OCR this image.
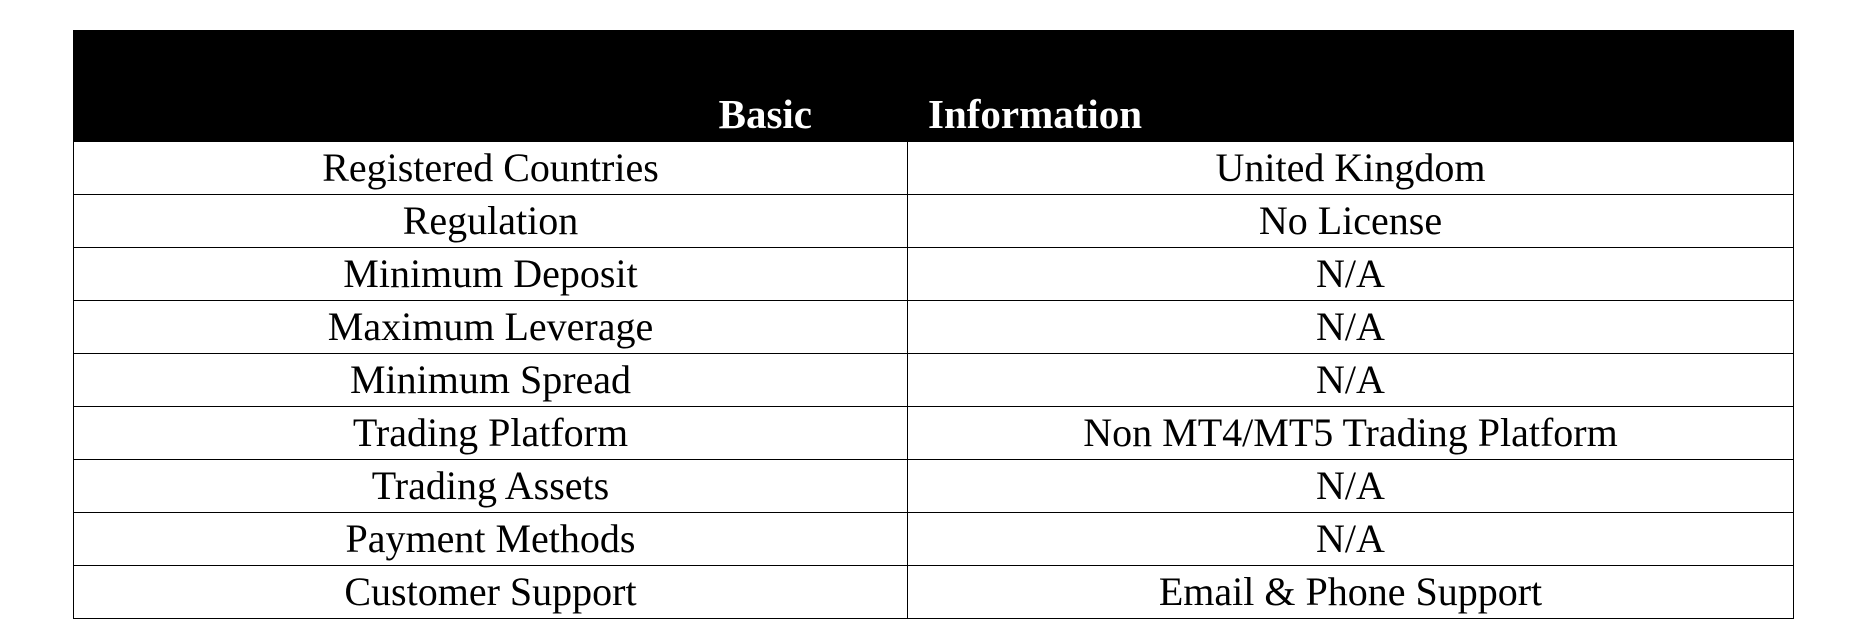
Basic	Information
Registered Countries	United Kingdom
Regulation	No License
Minimum Deposit	N/A
Maximum Leverage	N/A
Minimum Spread	N/A
Trading Platform	Non MT4/MT5 Trading Platform
Trading Assets	N/A
Payment Methods	N/A
Customer Support	Email & Phone Support
